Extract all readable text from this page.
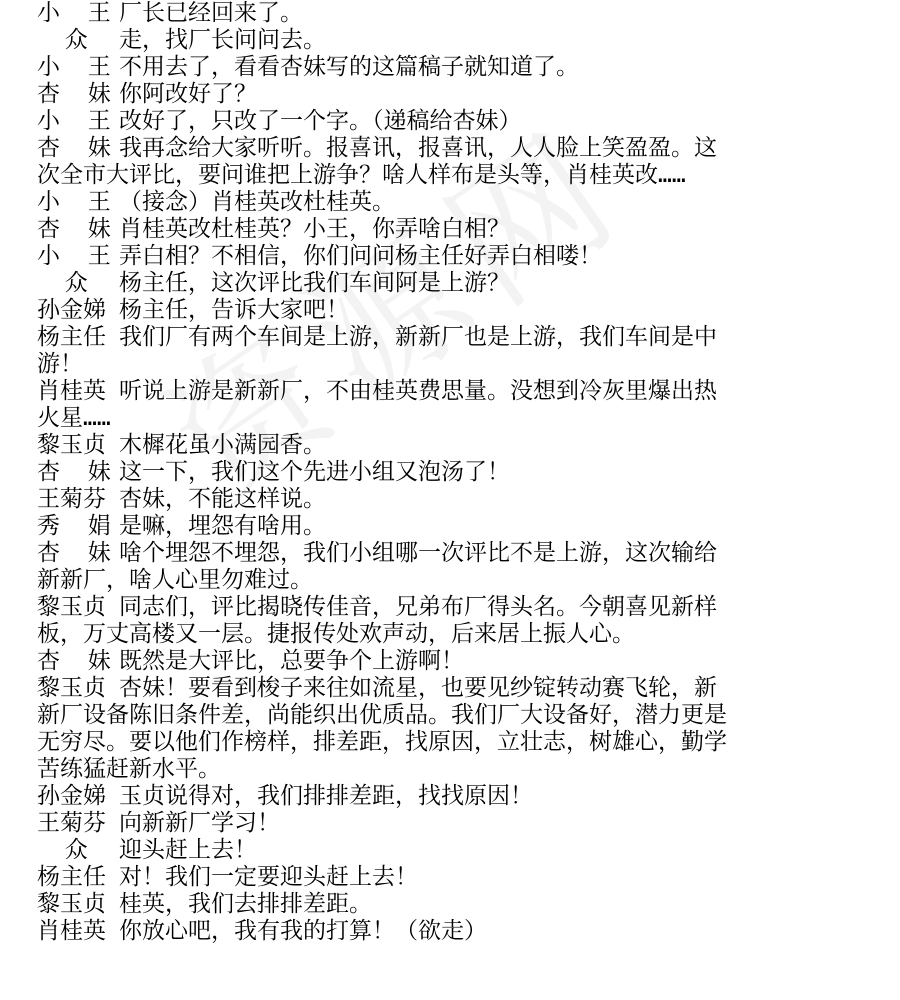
小  王 厂长已经回来了。
众	走，找厂长问问去。
小  王 不用去了，看看杏妹写的这篇稿子就知道了。
杏  妹 你阿改好了？
小  王 改好了，只改了一个字。（递稿给杏妹）
杏  妹 我再念给大家听听。报喜讯，报喜讯，人人脸上笑盈盈。这
次全市大评比，要问谁把上游争？啥人样布是头等，肖桂英改……
小  王 （接念）肖桂英改杜桂英。
杏  妹 肖桂英改杜桂英？小王，你弄啥白相？
小  王 弄白相？不相信，你们问问杨主任好弄白相喽！
众	杨主任，这次评比我们车间阿是上游？
孙金娣 杨主任，告诉大家吧！
杨主任 我们厂有两个车间是上游，新新厂也是上游，我们车间是中
游！
肖桂英 听说上游是新新厂，不由桂英费思量。没想到冷灰里爆出热
火星……
黎玉贞 木樨花虽小满园香。
杏  妹 这一下，我们这个先进小组又泡汤了！
王菊芬 杏妹，不能这样说。
秀  娟 是嘛，埋怨有啥用。
杏  妹 啥个埋怨不埋怨，我们小组哪一次评比不是上游，这次输给
新新厂，啥人心里勿难过。
黎玉贞 同志们，评比揭晓传佳音，兄弟布厂得头名。今朝喜见新样
板，万丈高楼又一层。捷报传处欢声动，后来居上振人心。
杏  妹 既然是大评比，总要争个上游啊！
黎玉贞 杏妹！要看到梭子来往如流星，也要见纱锭转动赛飞轮，新
新厂设备陈旧条件差，尚能织出优质品。我们厂大设备好，潜力更是
无穷尽。要以他们作榜样，排差距，找原因，立壮志，树雄心，勤学
苦练猛赶新水平。
孙金娣 玉贞说得对，我们排排差距，找找原因！
王菊芬 向新新厂学习！
众	迎头赶上去！
杨主任 对！我们一定要迎头赶上去！
黎玉贞 桂英，我们去排排差距。
肖桂英 你放心吧，我有我的打算！（欲走）
